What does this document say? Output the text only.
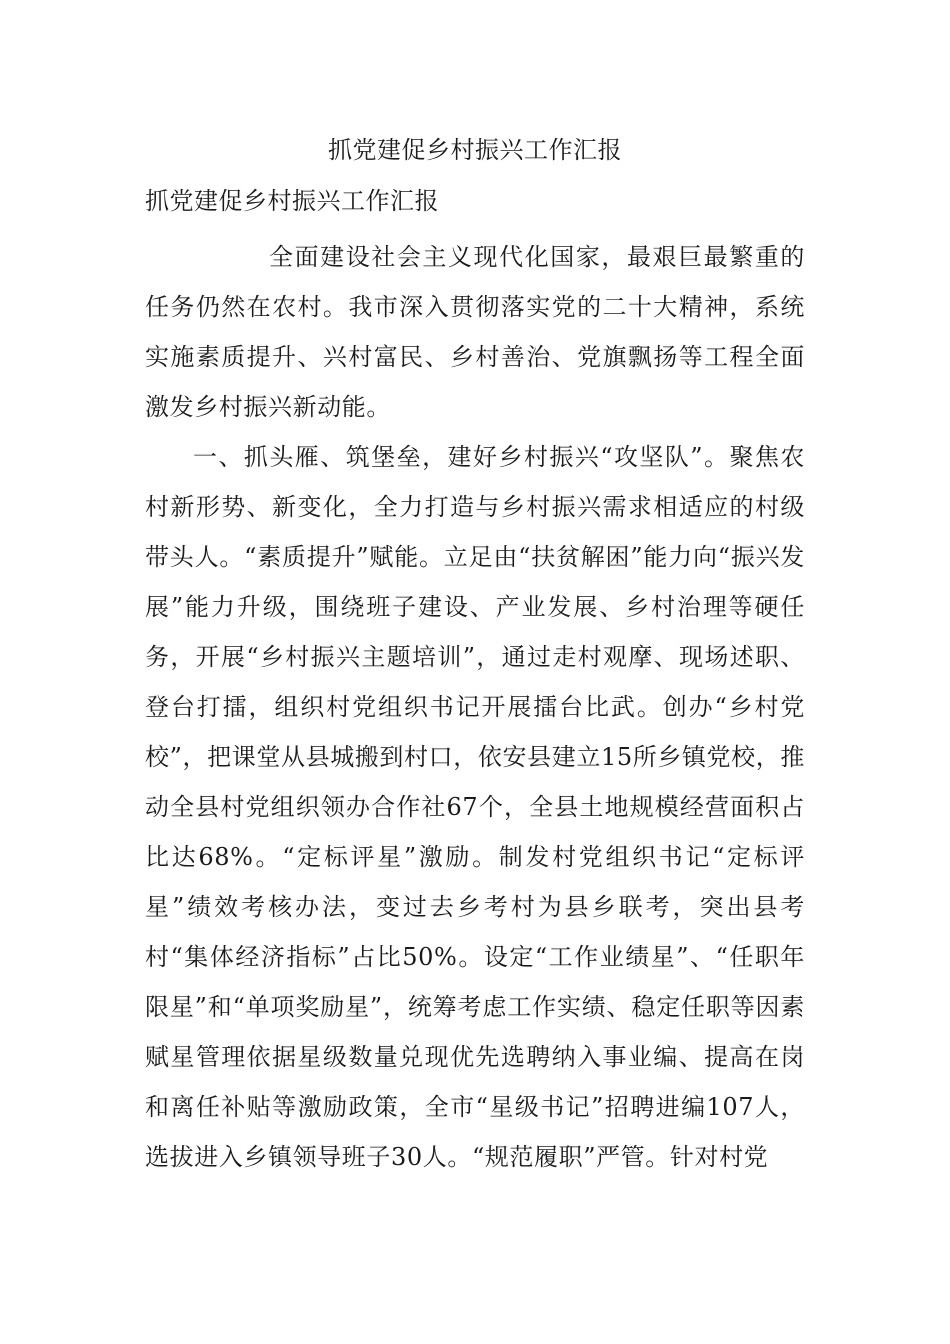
抓党建促乡村振兴工作汇报
抓党建促乡村振兴工作汇报

全面建设社会主义现代化国家，最艰巨最繁重的任务仍然在农村。我市深入贯彻落实党的二十大精神，系统实施素质提升、兴村富民、乡村善治、党旗飘扬等工程全面激发乡村振兴新动能。

一、抓头雁、筑堡垒，建好乡村振兴“攻坚队”。聚焦农村新形势、新变化，全力打造与乡村振兴需求相适应的村级带头人。“素质提升”赋能。立足由“扶贫解困”能力向“振兴发展”能力升级，围绕班子建设、产业发展、乡村治理等硬任务，开展“乡村振兴主题培训”，通过走村观摩、现场述职、登台打擂，组织村党组织书记开展擂台比武。创办“乡村党校”，把课堂从县城搬到村口，依安县建立15所乡镇党校，推动全县村党组织领办合作社67个，全县土地规模经营面积占比达68%。“定标评星”激励。制发村党组织书记“定标评星”绩效考核办法，变过去乡考村为县乡联考，突出县考村“集体经济指标”占比50%。设定“工作业绩星”、“任职年限星”和“单项奖励星”，统筹考虑工作实绩、稳定任职等因素赋星管理依据星级数量兑现优先选聘纳入事业编、提高在岗和离任补贴等激励政策，全市“星级书记”招聘进编107人，选拔进入乡镇领导班子30人。“规范履职”严管。针对村党
